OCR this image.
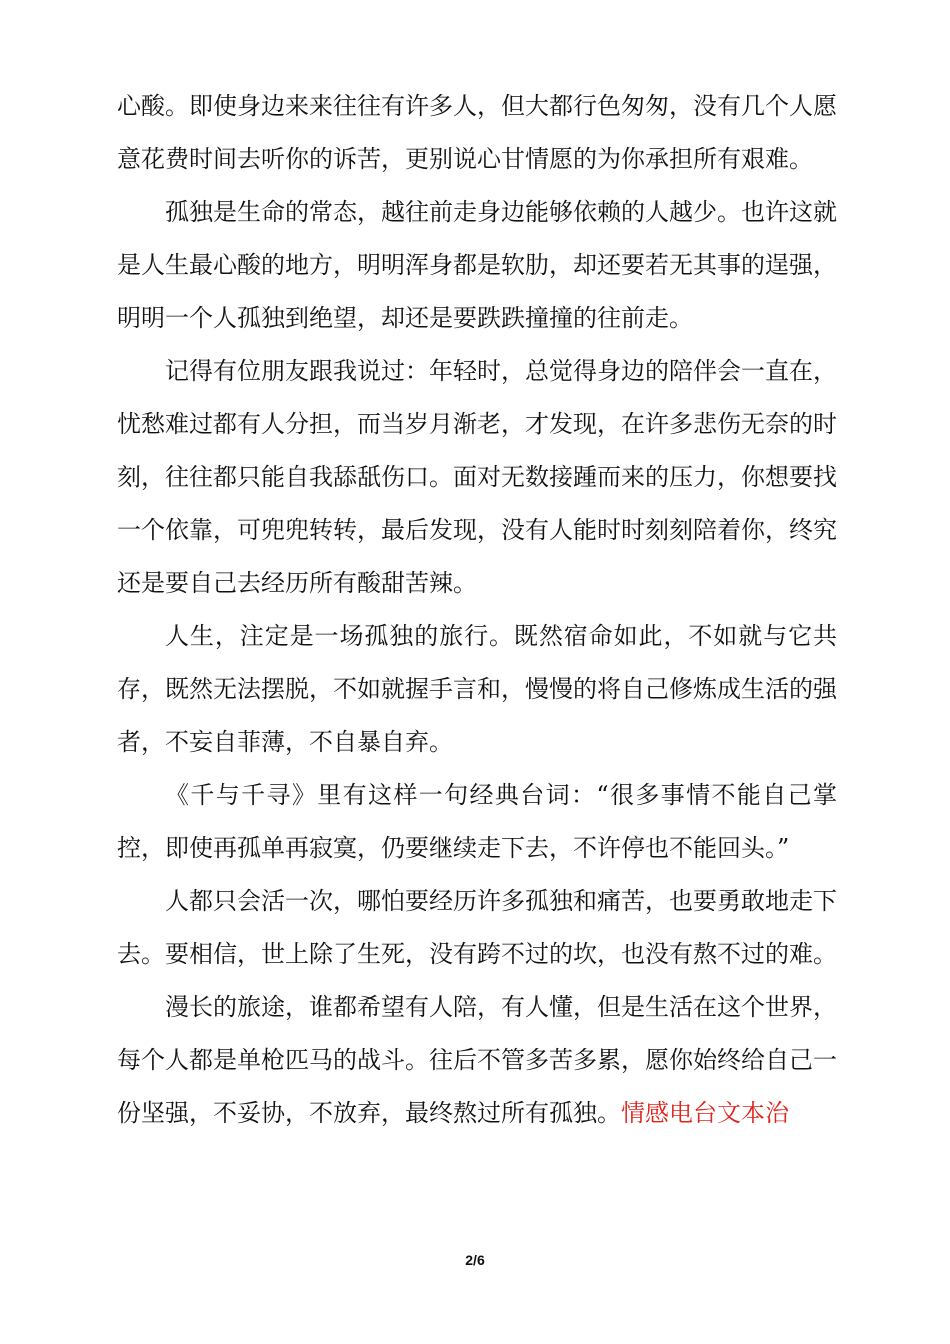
心酸。即使身边来来往往有许多人，但大都行色匆匆，没有几个人愿意花费时间去听你的诉苦，更别说心甘情愿的为你承担所有艰难。

孤独是生命的常态，越往前走身边能够依赖的人越少。也许这就是人生最心酸的地方，明明浑身都是软肋，却还要若无其事的逞强，明明一个人孤独到绝望，却还是要跌跌撞撞的往前走。

记得有位朋友跟我说过：年轻时，总觉得身边的陪伴会一直在，忧愁难过都有人分担，而当岁月渐老，才发现，在许多悲伤无奈的时刻，往往都只能自我舔舐伤口。面对无数接踵而来的压力，你想要找一个依靠，可兜兜转转，最后发现，没有人能时时刻刻陪着你，终究还是要自己去经历所有酸甜苦辣。

人生，注定是一场孤独的旅行。既然宿命如此，不如就与它共存，既然无法摆脱，不如就握手言和，慢慢的将自己修炼成生活的强者，不妄自菲薄，不自暴自弃。

《千与千寻》里有这样一句经典台词：“很多事情不能自己掌控，即使再孤单再寂寞，仍要继续走下去，不许停也不能回头。”

人都只会活一次，哪怕要经历许多孤独和痛苦，也要勇敢地走下去。要相信，世上除了生死，没有跨不过的坎，也没有熬不过的难。

漫长的旅途，谁都希望有人陪，有人懂，但是生活在这个世界，每个人都是单枪匹马的战斗。往后不管多苦多累，愿你始终给自己一份坚强，不妥协，不放弃，最终熬过所有孤独。情感电台文本治

2/6
